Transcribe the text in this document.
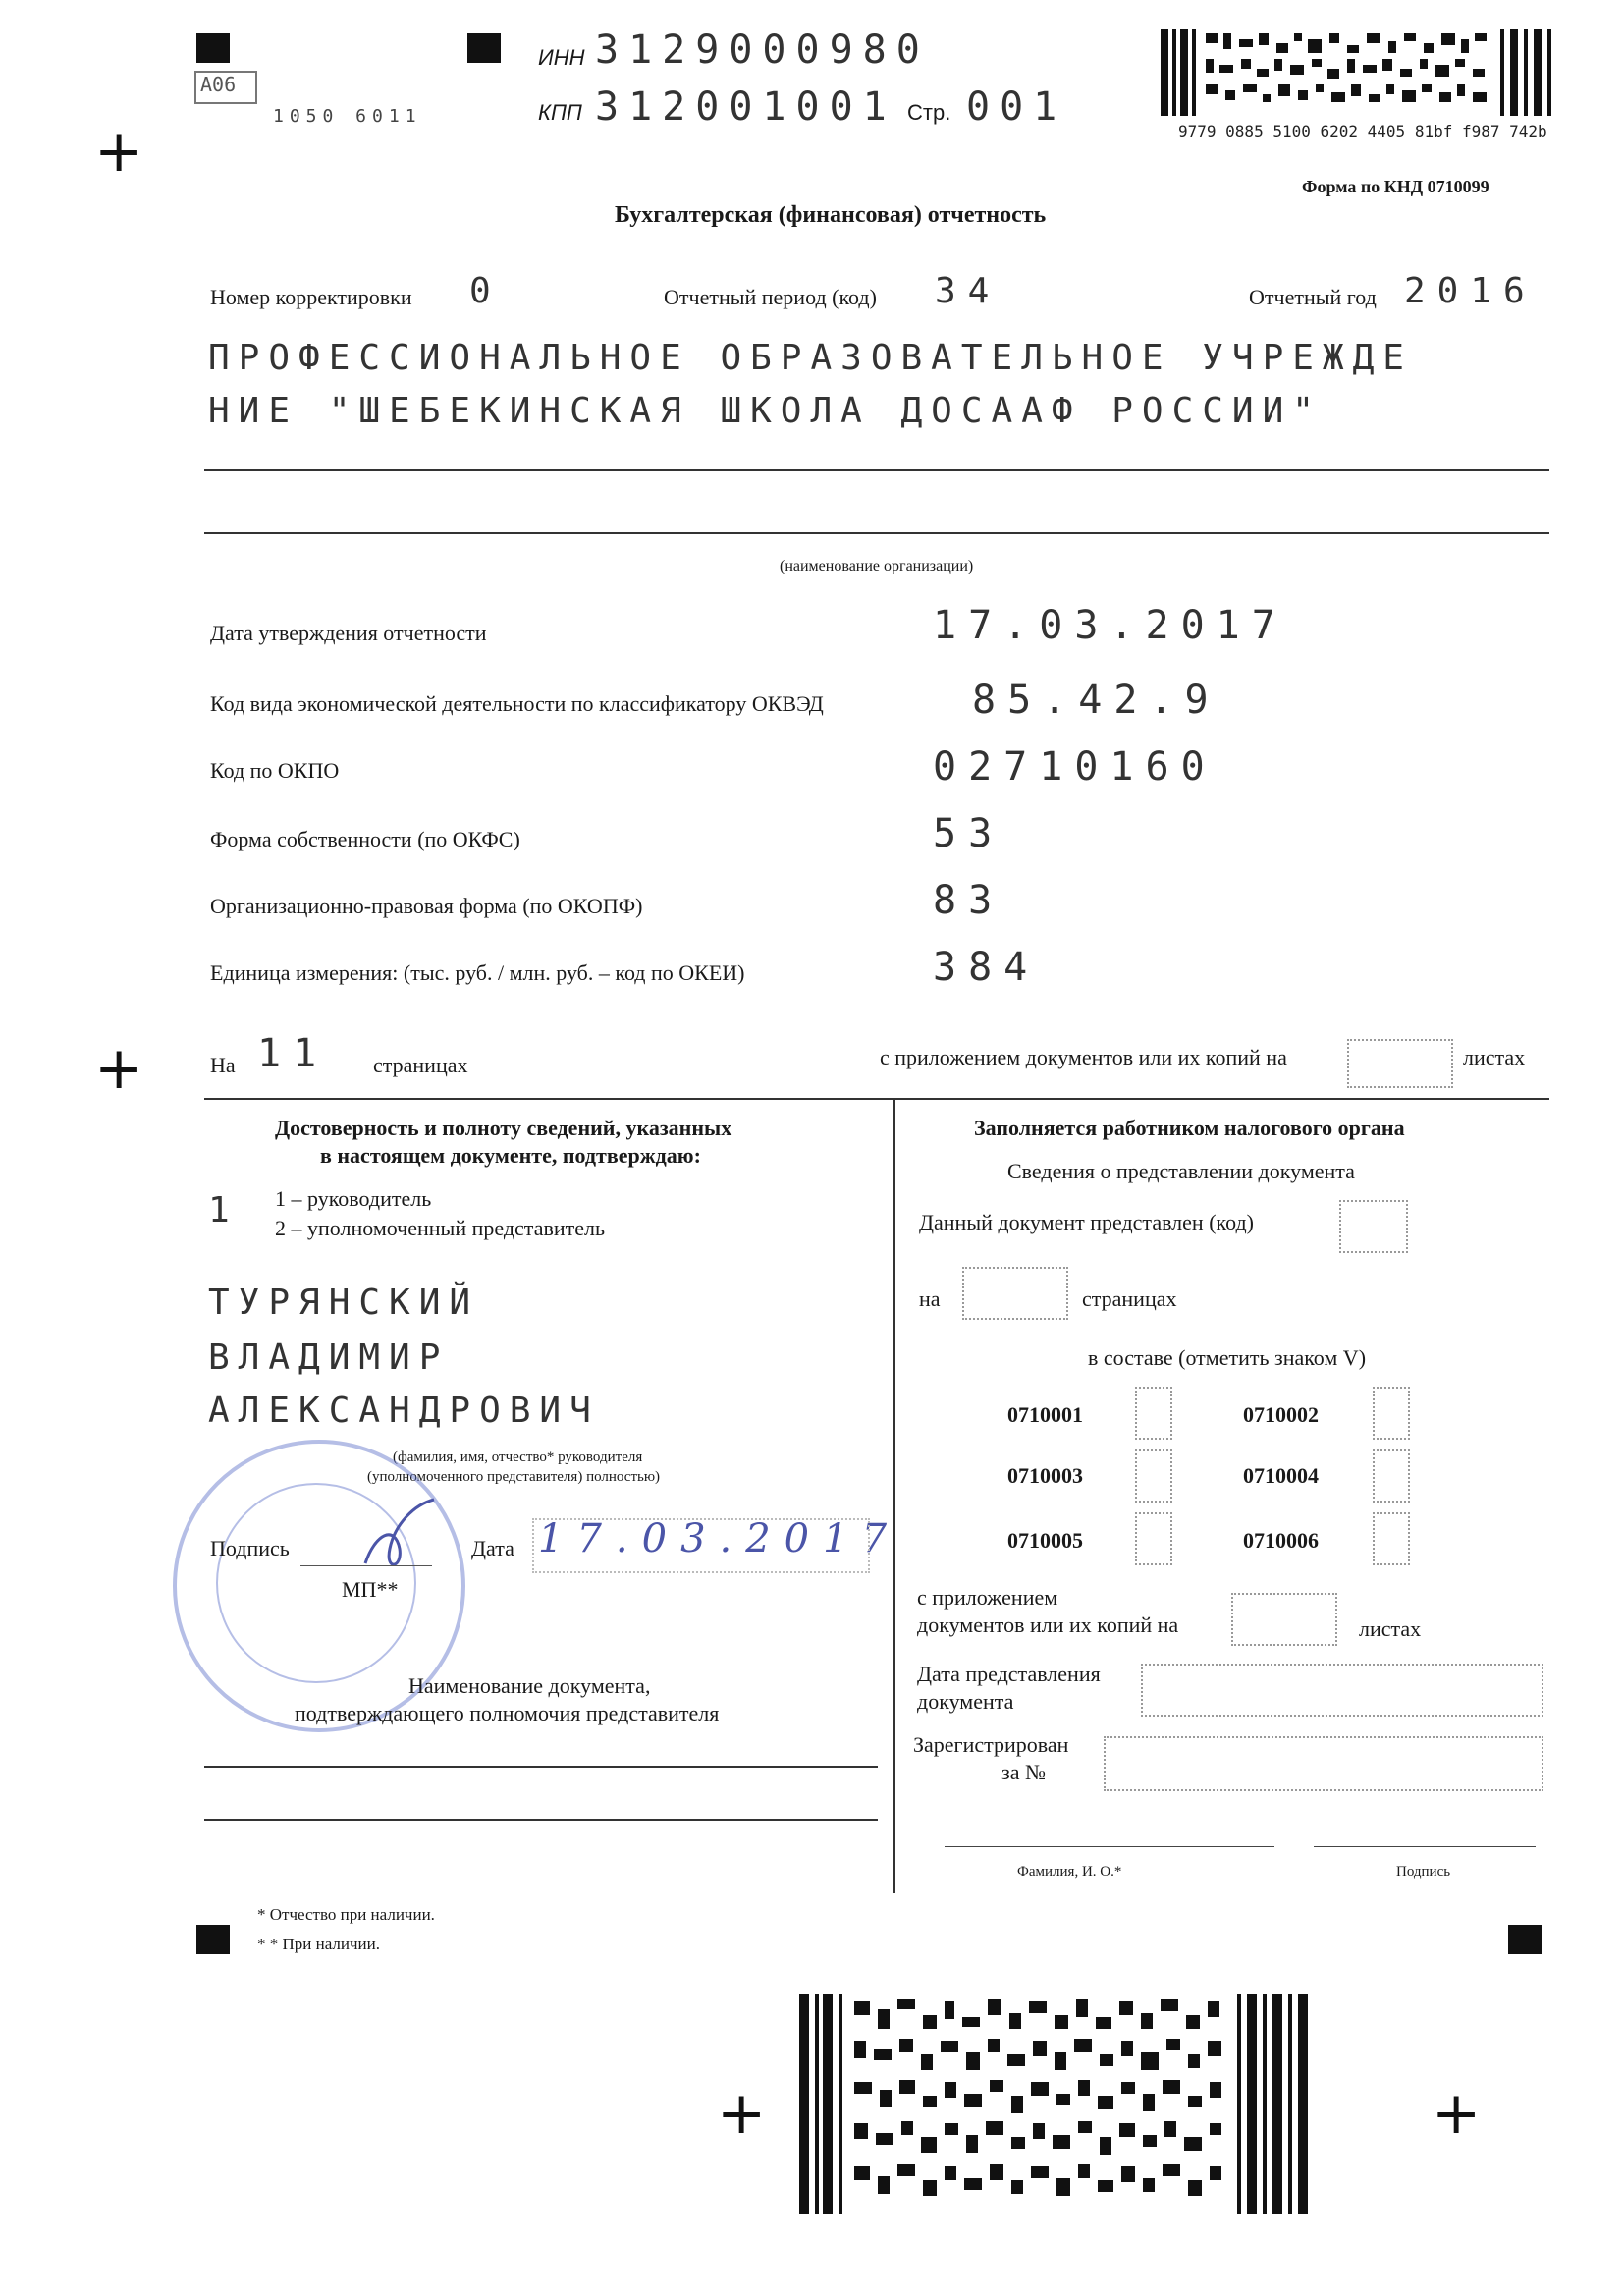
+
+
+	+
A06
1050 6011
ИНН 3129000980
КПП 312001001 Стр. 001
9779 0885 5100 6202 4405 81bf f987 742b
Форма по КНД 0710099
Бухгалтерская (финансовая) отчетность
Номер корректировки 0	Отчетный период (код) 34	Отчетный год 2016
ПРОФЕССИОНАЛЬНОЕ ОБРАЗОВАТЕЛЬНОЕ УЧРЕЖДЕ
НИЕ "ШЕБЕКИНСКАЯ ШКОЛА ДОСААФ РОССИИ"
(наименование организации)
Дата утверждения отчетности	17.03.2017
Код вида экономической деятельности по классификатору ОКВЭД	85.42.9
Код по ОКПО	02710160
Форма собственности (по ОКФС)	53
Организационно-правовая форма (по ОКОПФ)	83
Единица измерения: (тыс. руб. / млн. руб. – код по ОКЕИ)	384
На 11 страницах	с приложением документов или их копий на	листах
Достоверность и полноту сведений, указанных
в настоящем документе, подтверждаю:
1 1 – руководитель
2 – уполномоченный представитель
ТУРЯНСКИЙ
ВЛАДИМИР
АЛЕКСАНДРОВИЧ
(фамилия, имя, отчество* руководителя
(уполномоченного представителя) полностью)
Подпись	Дата 17.03.2017
МП**
Наименование документа,
подтверждающего полномочия представителя
Заполняется работником налогового органа
Сведения о представлении документа
Данный документ представлен (код)
на	страницах
в составе (отметить знаком V)
0710001	0710002
0710003	0710004
0710005	0710006
с приложением
документов или их копий на	листах
Дата представления
документа
Зарегистрирован
за №
Фамилия, И. О.*	Подпись
* Отчество при наличии.
* * При наличии.
